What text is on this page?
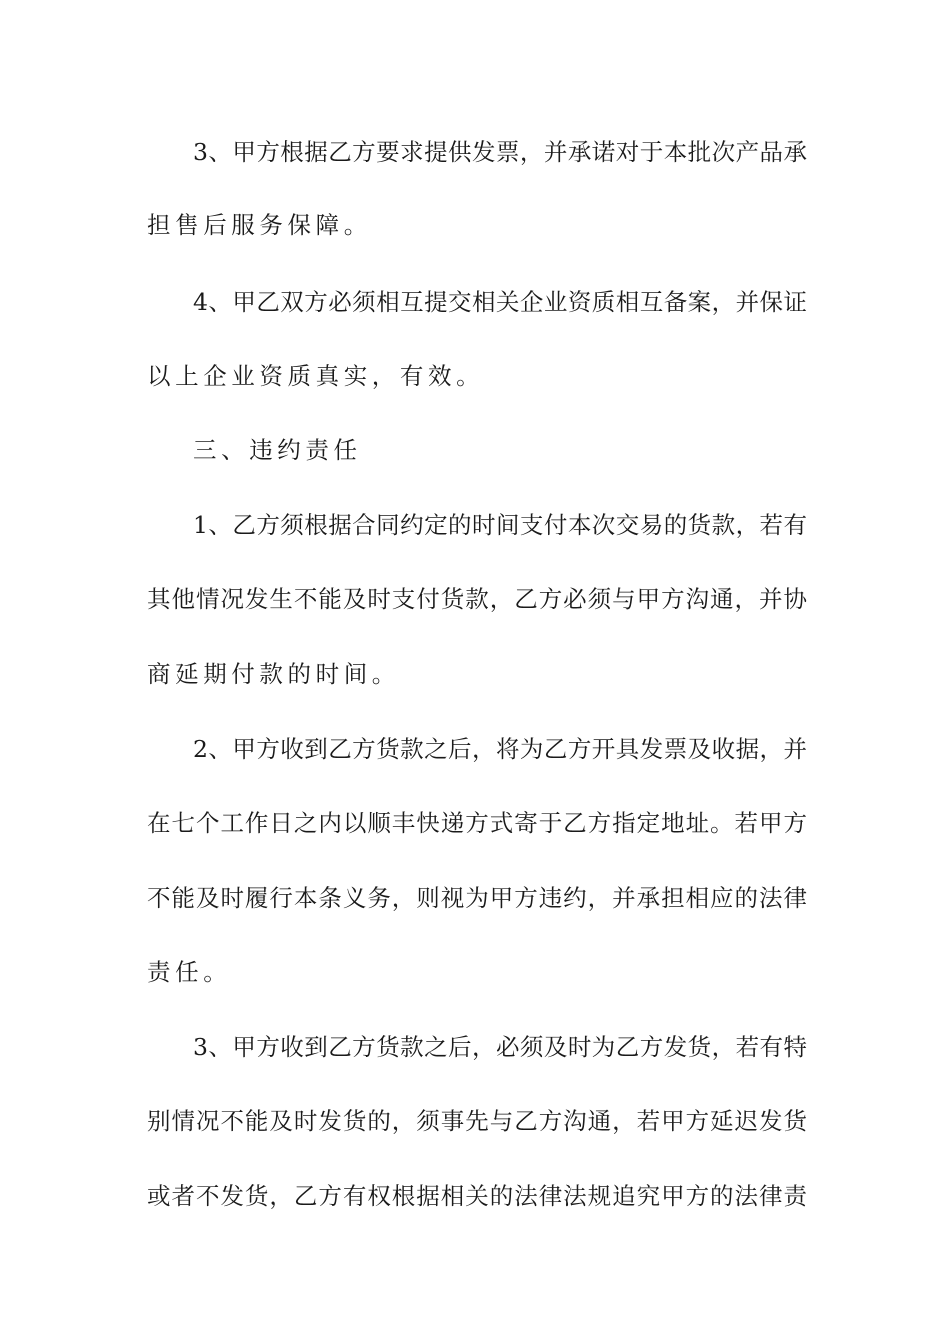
3、甲方根据乙方要求提供发票，并承诺对于本批次产品承
担售后服务保障。
4、甲乙双方必须相互提交相关企业资质相互备案，并保证
以上企业资质真实，有效。
三、违约责任
1、乙方须根据合同约定的时间支付本次交易的货款，若有
其他情况发生不能及时支付货款，乙方必须与甲方沟通，并协
商延期付款的时间。
2、甲方收到乙方货款之后，将为乙方开具发票及收据，并
在七个工作日之内以顺丰快递方式寄于乙方指定地址。若甲方
不能及时履行本条义务，则视为甲方违约，并承担相应的法律
责任。
3、甲方收到乙方货款之后，必须及时为乙方发货，若有特
别情况不能及时发货的，须事先与乙方沟通，若甲方延迟发货
或者不发货，乙方有权根据相关的法律法规追究甲方的法律责
